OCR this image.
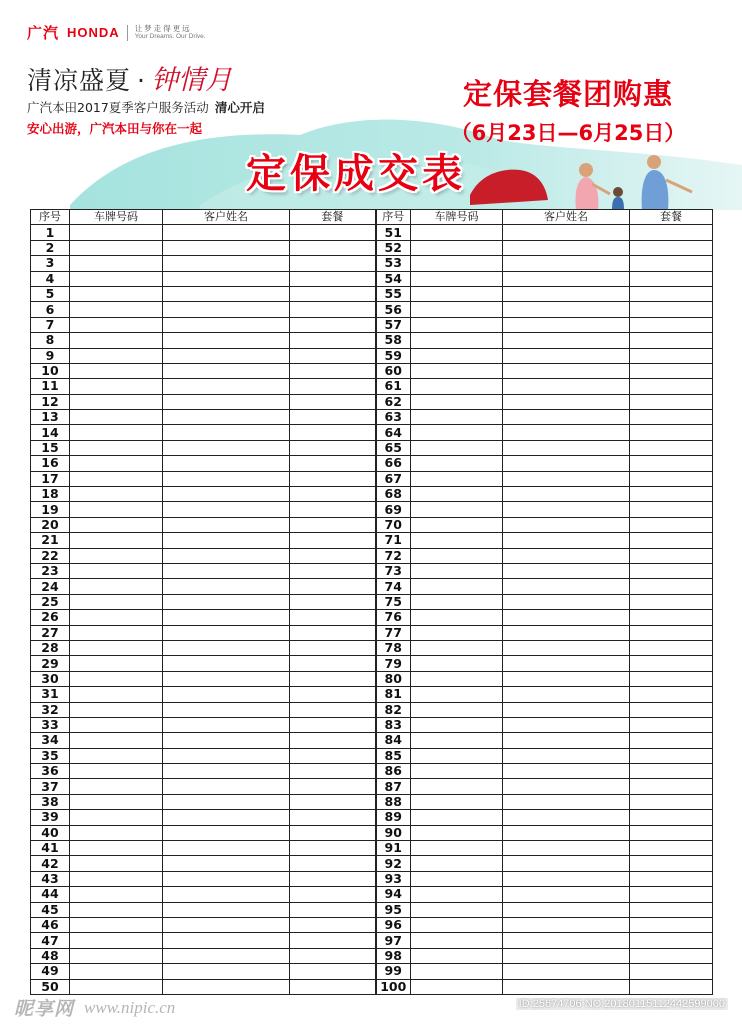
广汽 HONDA 让梦走得更远
Your Dreams. Our Drive.
清凉盛夏 · 钟情月
广汽本田2017夏季客户服务活动 清心开启
安心出游，广汽本田与你在一起
定保套餐团购惠
（6月23日—6月25日）
定保成交表
序号	车牌号码	客户姓名	套餐	序号	车牌号码	客户姓名	套餐
1				51			
2				52			
3				53			
4				54			
5				55			
6				56			
7				57			
8				58			
9				59			
10				60			
11				61			
12				62			
13				63			
14				64			
15				65			
16				66			
17				67			
18				68			
19				69			
20				70			
21				71			
22				72			
23				73			
24				74			
25				75			
26				76			
27				77			
28				78			
29				79			
30				80			
31				81			
32				82			
33				83			
34				84			
35				85			
36				86			
37				87			
38				88			
39				89			
40				90			
41				91			
42				92			
43				93			
44				94			
45				95			
46				96			
47				97			
48				98			
49				99			
50				100			
昵享网 www.nipic.cn	ID:25674706 NO:20180115112442599000
